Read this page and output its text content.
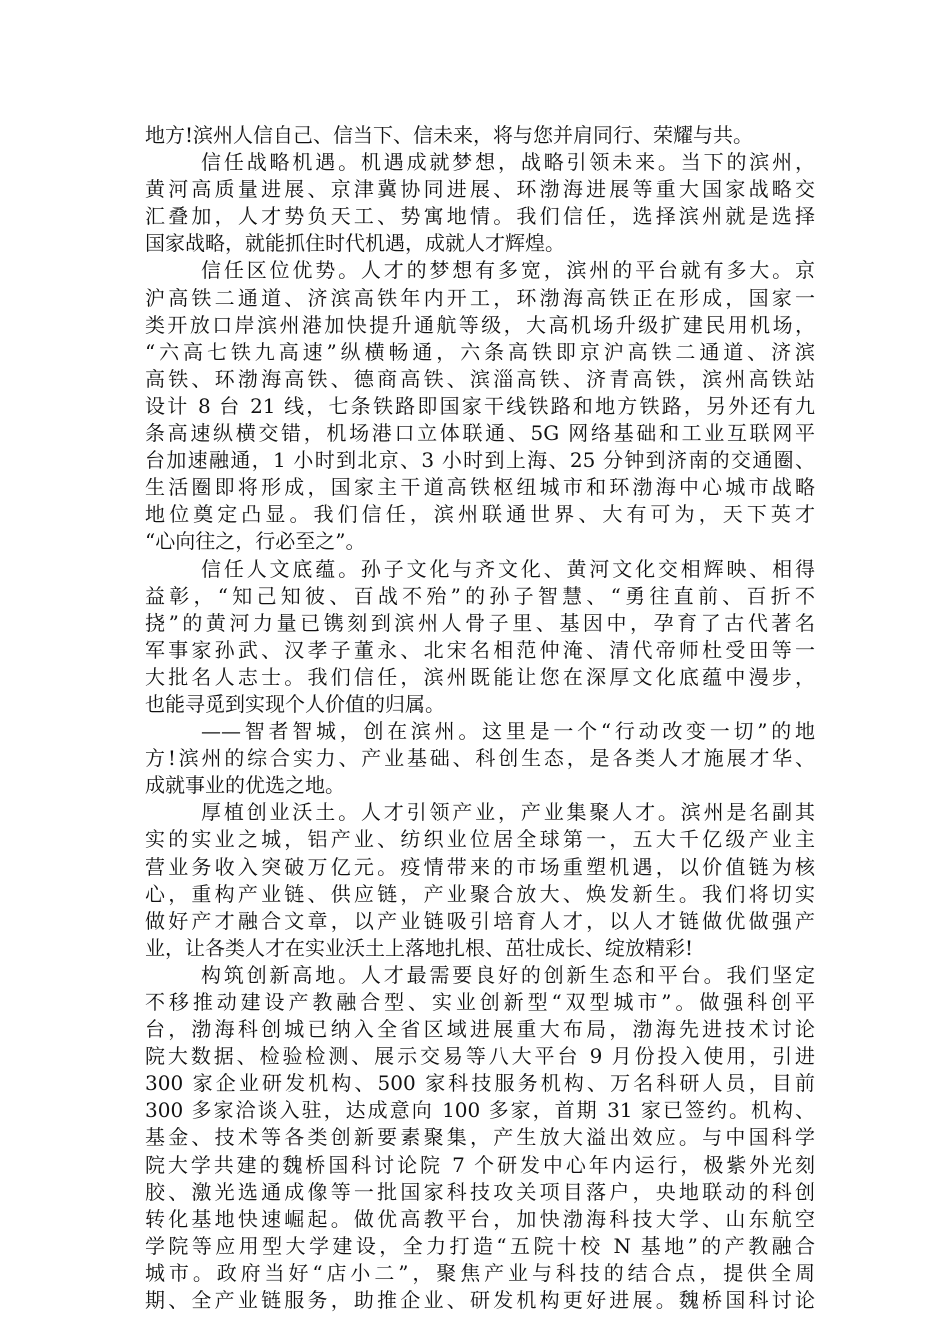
地方!滨州人信自己、信当下、信未来，将与您并肩同行、荣耀与共。
信任战略机遇。机遇成就梦想，战略引领未来。当下的滨州，
黄河高质量进展、京津冀协同进展、环渤海进展等重大国家战略交
汇叠加，人才势负天工、势寓地情。我们信任，选择滨州就是选择
国家战略，就能抓住时代机遇，成就人才辉煌。
信任区位优势。人才的梦想有多宽，滨州的平台就有多大。京
沪高铁二通道、济滨高铁年内开工，环渤海高铁正在形成，国家一
类开放口岸滨州港加快提升通航等级，大高机场升级扩建民用机场，
“六高七铁九高速”纵横畅通，六条高铁即京沪高铁二通道、济滨
高铁、环渤海高铁、德商高铁、滨淄高铁、济青高铁，滨州高铁站
设计 8 台 21 线，七条铁路即国家干线铁路和地方铁路，另外还有九
条高速纵横交错，机场港口立体联通、5G 网络基础和工业互联网平
台加速融通，1 小时到北京、3 小时到上海、25 分钟到济南的交通圈、
生活圈即将形成，国家主干道高铁枢纽城市和环渤海中心城市战略
地位奠定凸显。我们信任，滨州联通世界、大有可为，天下英才
“心向往之，行必至之”。
信任人文底蕴。孙子文化与齐文化、黄河文化交相辉映、相得
益彰，“知己知彼、百战不殆”的孙子智慧、“勇往直前、百折不
挠”的黄河力量已镌刻到滨州人骨子里、基因中，孕育了古代著名
军事家孙武、汉孝子董永、北宋名相范仲淹、清代帝师杜受田等一
大批名人志士。我们信任，滨州既能让您在深厚文化底蕴中漫步，
也能寻觅到实现个人价值的归属。
——智者智城，创在滨州。这里是一个“行动改变一切”的地
方!滨州的综合实力、产业基础、科创生态，是各类人才施展才华、
成就事业的优选之地。
厚植创业沃土。人才引领产业，产业集聚人才。滨州是名副其
实的实业之城，铝产业、纺织业位居全球第一，五大千亿级产业主
营业务收入突破万亿元。疫情带来的市场重塑机遇，以价值链为核
心，重构产业链、供应链，产业聚合放大、焕发新生。我们将切实
做好产才融合文章，以产业链吸引培育人才，以人才链做优做强产
业，让各类人才在实业沃土上落地扎根、茁壮成长、绽放精彩!
构筑创新高地。人才最需要良好的创新生态和平台。我们坚定
不移推动建设产教融合型、实业创新型“双型城市”。做强科创平
台，渤海科创城已纳入全省区域进展重大布局，渤海先进技术讨论
院大数据、检验检测、展示交易等八大平台 9 月份投入使用，引进
300 家企业研发机构、500 家科技服务机构、万名科研人员，目前
300 多家洽谈入驻，达成意向 100 多家，首期 31 家已签约。机构、
基金、技术等各类创新要素聚集，产生放大溢出效应。与中国科学
院大学共建的魏桥国科讨论院 7 个研发中心年内运行，极紫外光刻
胶、激光选通成像等一批国家科技攻关项目落户，央地联动的科创
转化基地快速崛起。做优高教平台，加快渤海科技大学、山东航空
学院等应用型大学建设，全力打造“五院十校 N 基地”的产教融合
城市。政府当好“店小二”，聚焦产业与科技的结合点，提供全周
期、全产业链服务，助推企业、研发机构更好进展。魏桥国科讨论
